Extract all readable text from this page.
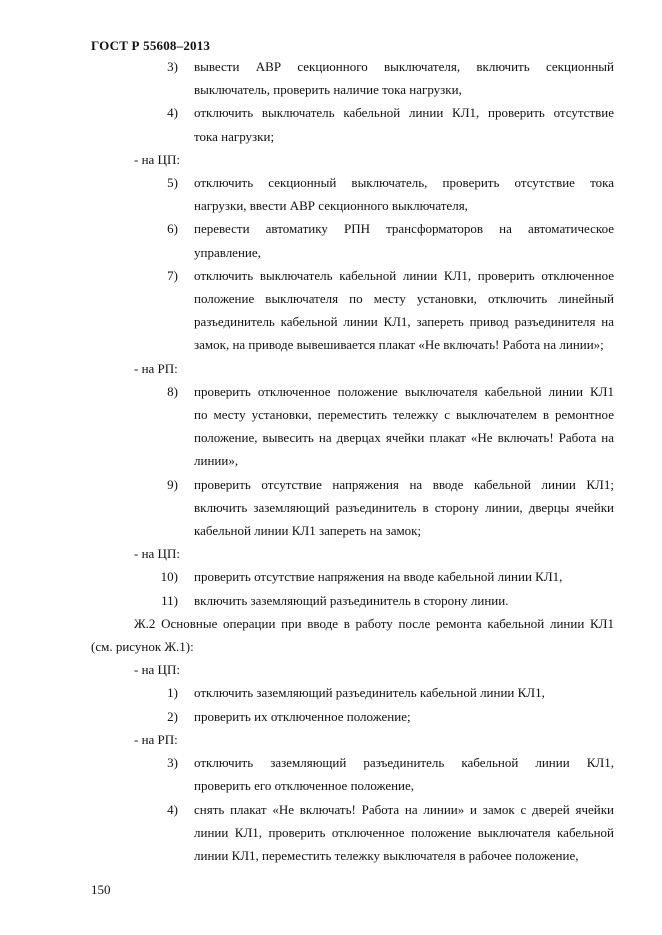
ГОСТ Р 55608–2013
3) вывести АВР секционного выключателя, включить секционный
выключатель, проверить наличие тока нагрузки,
4) отключить выключатель кабельной линии КЛ1, проверить отсутствие
тока нагрузки;
- на ЦП:
5) отключить секционный выключатель, проверить отсутствие тока
нагрузки, ввести АВР секционного выключателя,
6) перевести автоматику РПН трансформаторов на автоматическое
управление,
7) отключить выключатель кабельной линии КЛ1, проверить отключенное
положение выключателя по месту установки, отключить линейный
разъединитель кабельной линии КЛ1, запереть привод разъединителя на
замок, на приводе вывешивается плакат «Не включать! Работа на линии»;
- на РП:
8) проверить отключенное положение выключателя кабельной линии КЛ1
по месту установки, переместить тележку с выключателем в ремонтное
положение, вывесить на дверцах ячейки плакат «Не включать! Работа на
линии»,
9) проверить отсутствие напряжения на вводе кабельной линии КЛ1;
включить заземляющий разъединитель в сторону линии, дверцы ячейки
кабельной линии КЛ1 запереть на замок;
- на ЦП:
10) проверить отсутствие напряжения на вводе кабельной линии КЛ1,
11) включить заземляющий разъединитель в сторону линии.
Ж.2 Основные операции при вводе в работу после ремонта кабельной линии КЛ1
(см. рисунок Ж.1):
- на ЦП:
1) отключить заземляющий разъединитель кабельной линии КЛ1,
2) проверить их отключенное положение;
- на РП:
3) отключить заземляющий разъединитель кабельной линии КЛ1,
проверить его отключенное положение,
4) снять плакат «Не включать! Работа на линии» и замок с дверей ячейки
линии КЛ1, проверить отключенное положение выключателя кабельной
линии КЛ1, переместить тележку выключателя в рабочее положение,
150
